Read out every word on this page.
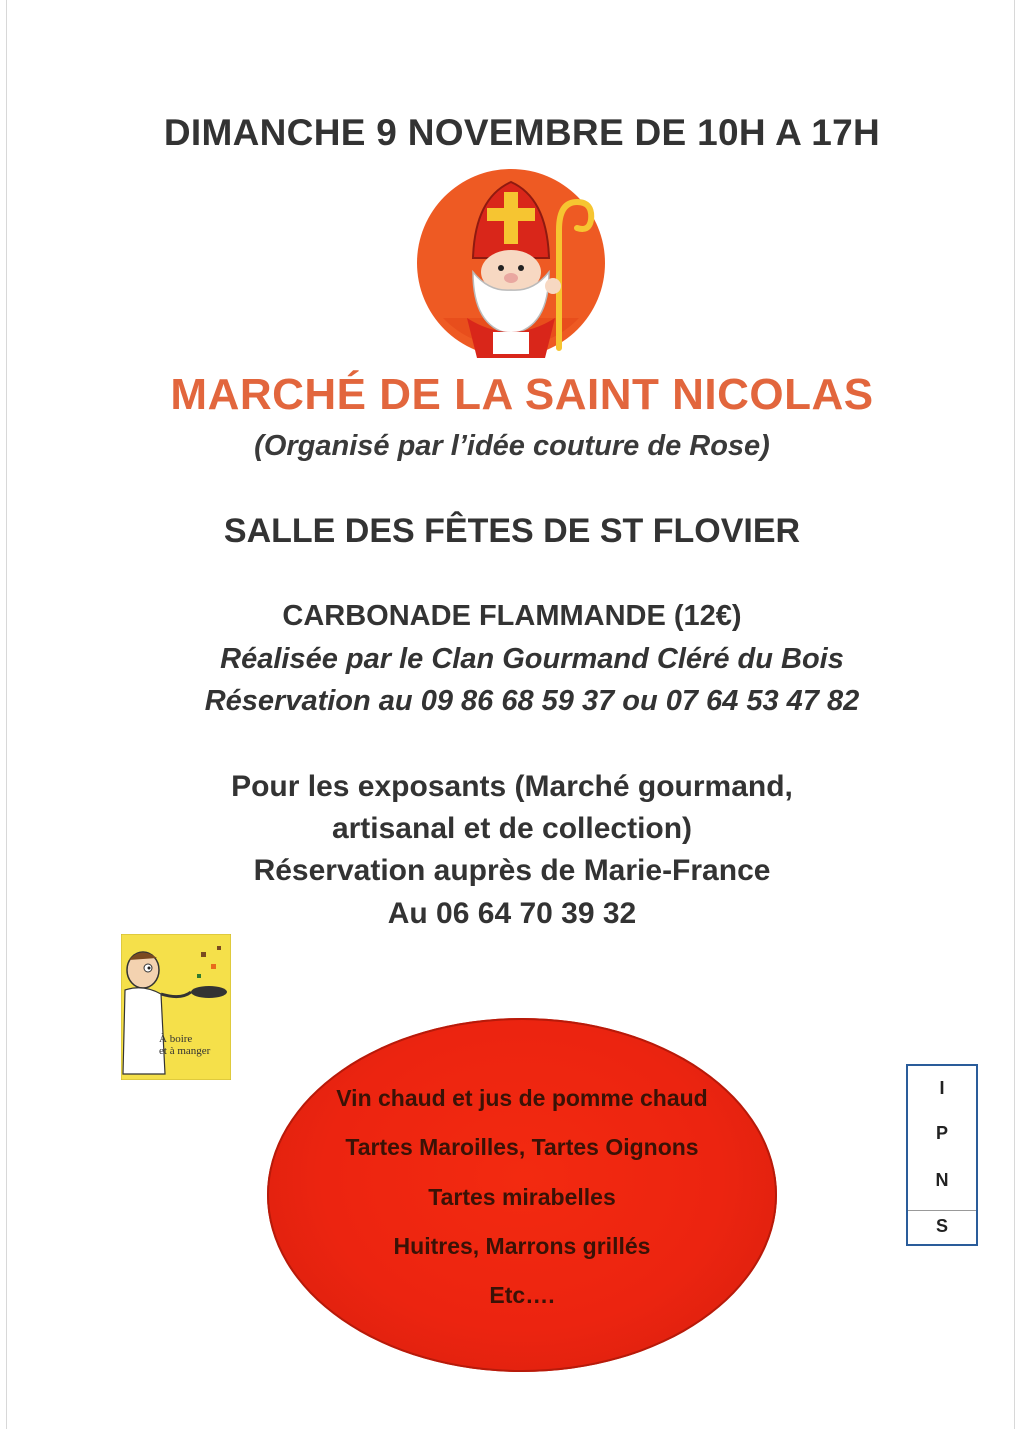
DIMANCHE 9 NOVEMBRE DE 10H A 17H
MARCHÉ DE LA SAINT NICOLAS
(Organisé par l’idée couture de Rose)
SALLE DES FÊTES DE ST FLOVIER
CARBONADE FLAMMANDE (12€)
Réalisée par le Clan Gourmand Cléré du Bois
Réservation au 09 86 68 59 37 ou 07 64 53 47 82
Pour les exposants (Marché gourmand,
artisanal et de collection)
Réservation auprès de Marie-France
Au 06 64 70 39 32
À boire
et à manger
Vin chaud et jus de pomme chaud
Tartes Maroilles, Tartes Oignons
Tartes mirabelles
Huitres, Marrons grillés
Etc….
I
P
N
S
